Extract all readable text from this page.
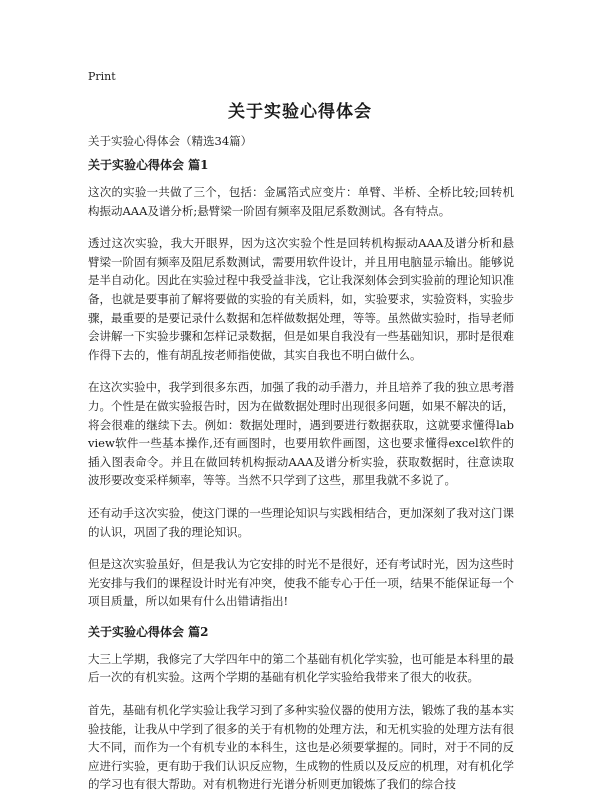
Print
关于实验心得体会
关于实验心得体会（精选34篇）
关于实验心得体会 篇1

这次的实验一共做了三个，包括：金属箔式应变片：单臂、半桥、全桥比较;回转机构振动AAA及谱分析;悬臂梁一阶固有频率及阻尼系数测试。各有特点。

透过这次实验，我大开眼界，因为这次实验个性是回转机构振动AAA及谱分析和悬臂梁一阶固有频率及阻尼系数测试，需要用软件设计，并且用电脑显示输出。能够说是半自动化。因此在实验过程中我受益非浅，它让我深刻体会到实验前的理论知识准备，也就是要事前了解将要做的实验的有关质料，如，实验要求，实验资料，实验步骤，最重要的是要记录什么数据和怎样做数据处理，等等。虽然做实验时，指导老师会讲解一下实验步骤和怎样记录数据，但是如果自我没有一些基础知识，那时是很难作得下去的，惟有胡乱按老师指使做，其实自我也不明白做什么。

在这次实验中，我学到很多东西，加强了我的动手潜力，并且培养了我的独立思考潜力。个性是在做实验报告时，因为在做数据处理时出现很多问题，如果不解决的话，将会很难的继续下去。例如：数据处理时，遇到要进行数据获取，这就要求懂得labview软件一些基本操作,还有画图时，也要用软件画图，这也要求懂得excel软件的插入图表命令。并且在做回转机构振动AAA及谱分析实验，获取数据时，往意读取波形要改变采样频率，等等。当然不只学到了这些，那里我就不多说了。

还有动手这次实验，使这门课的一些理论知识与实践相结合，更加深刻了我对这门课的认识，巩固了我的理论知识。

但是这次实验虽好，但是我认为它安排的时光不是很好，还有考试时光，因为这些时光安排与我们的课程设计时光有冲突，使我不能专心于任一项，结果不能保证每一个项目质量，所以如果有什么出错请指出!

关于实验心得体会 篇2

大三上学期，我修完了大学四年中的第二个基础有机化学实验，也可能是本科里的最后一次的有机实验。这两个学期的基础有机化学实验给我带来了很大的收获。

首先，基础有机化学实验让我学习到了多种实验仪器的使用方法，锻炼了我的基本实验技能，让我从中学到了很多的关于有机物的处理方法，和无机实验的处理方法有很大不同，而作为一个有机专业的本科生，这也是必须要掌握的。同时，对于不同的反应进行实验，更有助于我们认识反应物，生成物的性质以及反应的机理，对有机化学的学习也有很大帮助。对有机物进行光谱分析则更加锻炼了我们的综合技
